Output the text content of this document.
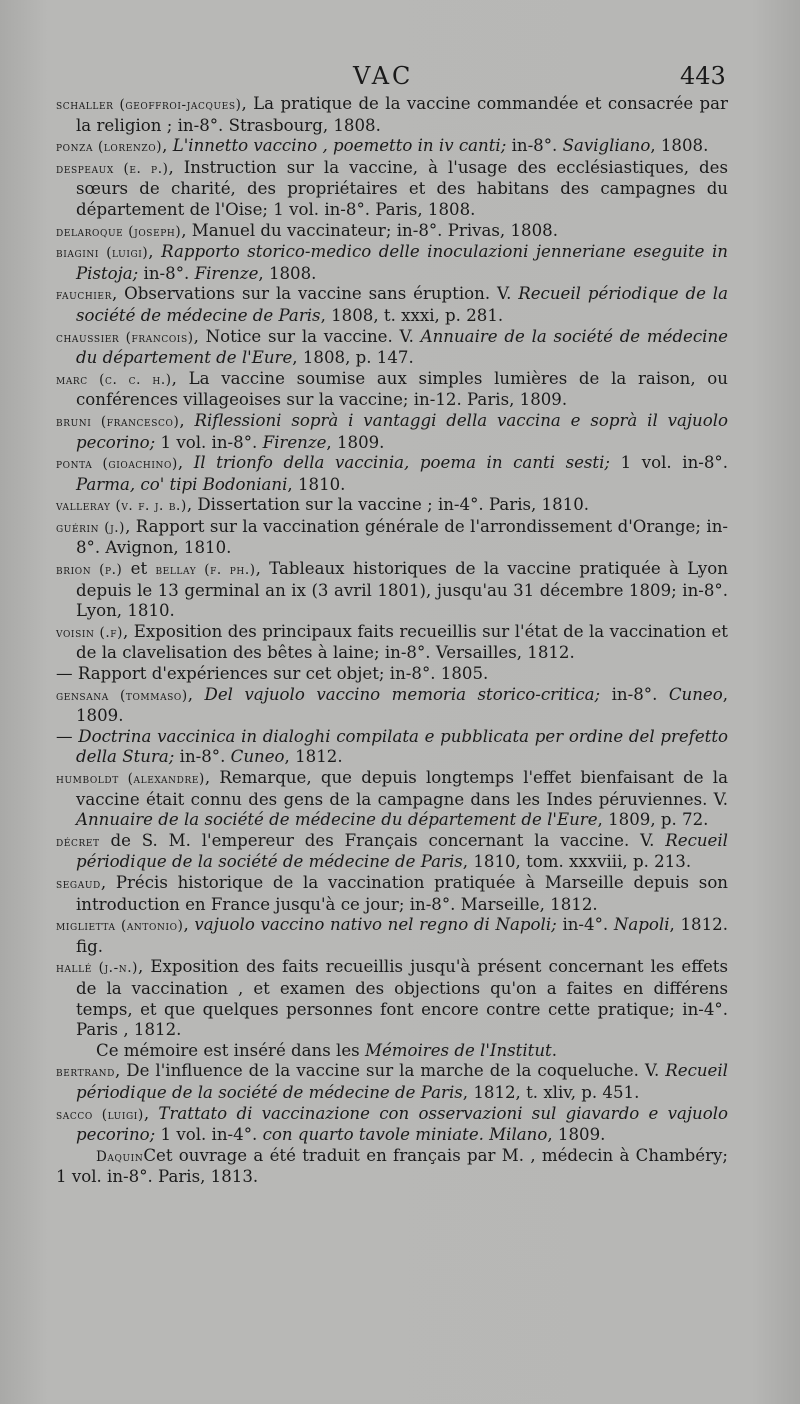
VAC	443
schaller (geoffroi-jacques), La pratique de la vaccine commandée et consacrée par la religion ; in-8°. Strasbourg, 1808.
ponza (lorenzo), L'innetto vaccino , poemetto in iv canti; in-8°. Savigliano, 1808.
despeaux (e. p.), Instruction sur la vaccine, à l'usage des ecclésiastiques, des sœurs de charité, des propriétaires et des habitans des campagnes du département de l'Oise; 1 vol. in-8°. Paris, 1808.
delaroque (joseph), Manuel du vaccinateur; in-8°. Privas, 1808.
biagini (luigi), Rapporto storico-medico delle inoculazioni jenneriane eseguite in Pistoja; in-8°. Firenze, 1808.
fauchier, Observations sur la vaccine sans éruption. V. Recueil périodique de la société de médecine de Paris, 1808, t. xxxi, p. 281.
chaussier (francois), Notice sur la vaccine. V. Annuaire de la société de médecine du département de l'Eure, 1808, p. 147.
marc (c. c. h.), La vaccine soumise aux simples lumières de la raison, ou conférences villageoises sur la vaccine; in-12. Paris, 1809.
bruni (francesco), Riflessioni soprà i vantaggi della vaccina e soprà il vajuolo pecorino; 1 vol. in-8°. Firenze, 1809.
ponta (gioachino), Il trionfo della vaccinia, poema in canti sesti; 1 vol. in-8°. Parma, co' tipi Bodoniani, 1810.
valleray (v. f. j. b.), Dissertation sur la vaccine ; in-4°. Paris, 1810.
guérin (j.), Rapport sur la vaccination générale de l'arrondissement d'Orange; in-8°. Avignon, 1810.
brion (p.) et bellay (f. ph.), Tableaux historiques de la vaccine pratiquée à Lyon depuis le 13 germinal an ix (3 avril 1801), jusqu'au 31 décembre 1809; in-8°. Lyon, 1810.
voisin (.f), Exposition des principaux faits recueillis sur l'état de la vaccination et de la clavelisation des bêtes à laine; in-8°. Versailles, 1812.
— Rapport d'expériences sur cet objet; in-8°. 1805.
gensana (tommaso), Del vajuolo vaccino memoria storico-critica; in-8°. Cuneo, 1809.
— Doctrina vaccinica in dialoghi compilata e pubblicata per ordine del prefetto della Stura; in-8°. Cuneo, 1812.
humboldt (alexandre), Remarque, que depuis longtemps l'effet bienfaisant de la vaccine était connu des gens de la campagne dans les Indes péruviennes. V. Annuaire de la société de médecine du département de l'Eure, 1809, p. 72.
décret de S. M. l'empereur des Français concernant la vaccine. V. Recueil périodique de la société de médecine de Paris, 1810, tom. xxxviii, p. 213.
segaud, Précis historique de la vaccination pratiquée à Marseille depuis son introduction en France jusqu'à ce jour; in-8°. Marseille, 1812.
miglietta (antonio), vajuolo vaccino nativo nel regno di Napoli; in-4°. Napoli, 1812. fig.
hallé (j.-n.), Exposition des faits recueillis jusqu'à présent concernant les effets de la vaccination , et examen des objections qu'on a faites en différens temps, et que quelques personnes font encore contre cette pratique; in-4°. Paris , 1812.
Ce mémoire est inséré dans les Mémoires de l'Institut.
bertrand, De l'influence de la vaccine sur la marche de la coqueluche. V. Recueil périodique de la société de médecine de Paris, 1812, t. xliv, p. 451.
sacco (luigi), Trattato di vaccinazione con osservazioni sul giavardo e vajuolo pecorino; 1 vol. in-4°. con quarto tavole miniate. Milano, 1809.
DaquinCet ouvrage a été traduit en français par M. , médecin à Chambéry; 1 vol. in-8°. Paris, 1813.
